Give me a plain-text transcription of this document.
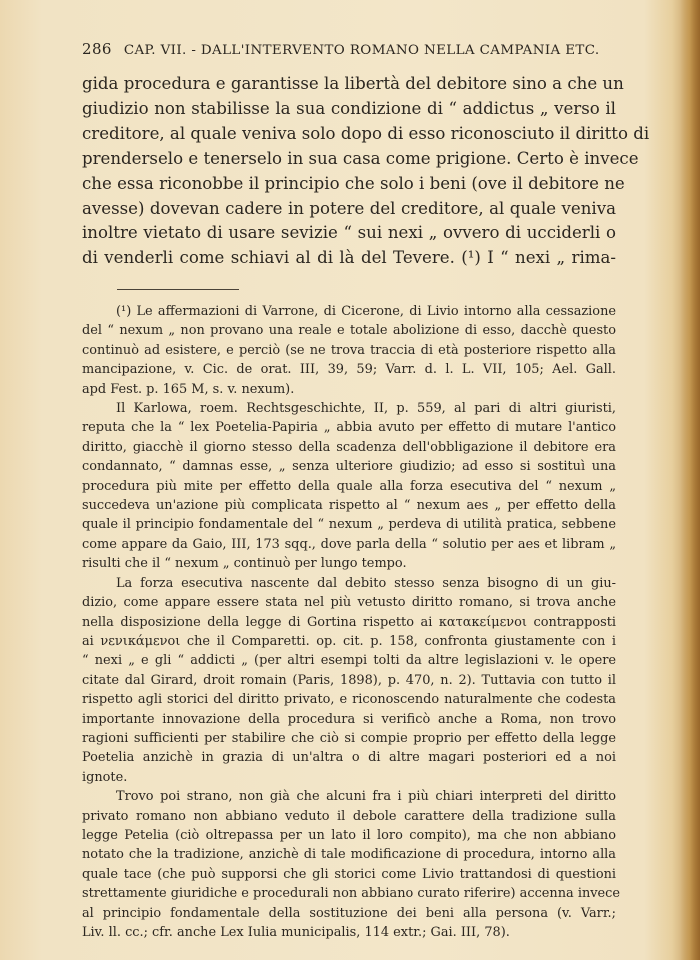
286 CAP. VII. - DALL'INTERVENTO ROMANO NELLA CAMPANIA ETC.
gida procedura e garantisse la libertà del debitore sino a che un
giudizio non stabilisse la sua condizione di “ addictus „ verso il
creditore, al quale veniva solo dopo di esso riconosciuto il diritto di
prenderselo e tenerselo in sua casa come prigione. Certo è invece
che essa riconobbe il principio che solo i beni (ove il debitore ne
avesse) dovevan cadere in potere del creditore, al quale veniva
inoltre vietato di usare sevizie “ sui nexi „ ovvero di ucciderli o
di venderli come schiavi al di là del Tevere. (¹) I “ nexi „ rima-
(¹) Le affermazioni di Varrone, di Cicerone, di Livio intorno alla cessazione
del “ nexum „ non provano una reale e totale abolizione di esso, dacchè questo
continuò ad esistere, e perciò (se ne trova traccia di età posteriore rispetto alla
mancipazione, v. Cic. de orat. III, 39, 59; Varr. d. l. L. VII, 105; Ael. Gall.
apd Fest. p. 165 M, s. v. nexum).
Il Karlowa, roem. Rechtsgeschichte, II, p. 559, al pari di altri giuristi,
reputa che la “ lex Poetelia-Papiria „ abbia avuto per effetto di mutare l'antico
diritto, giacchè il giorno stesso della scadenza dell'obbligazione il debitore era
condannato, “ damnas esse, „ senza ulteriore giudizio; ad esso si sostituì una
procedura più mite per effetto della quale alla forza esecutiva del “ nexum „
succedeva un'azione più complicata rispetto al “ nexum aes „ per effetto della
quale il principio fondamentale del “ nexum „ perdeva di utilità pratica, sebbene
come appare da Gaio, III, 173 sqq., dove parla della “ solutio per aes et libram „
risulti che il “ nexum „ continuò per lungo tempo.
La forza esecutiva nascente dal debito stesso senza bisogno di un giu-
dizio, come appare essere stata nel più vetusto diritto romano, si trova anche
nella disposizione della legge di Gortina rispetto ai κατακείμενοι contrapposti
ai νενικάμενοι che il Comparetti. op. cit. p. 158, confronta giustamente con i
“ nexi „ e gli “ addicti „ (per altri esempi tolti da altre legislazioni v. le opere
citate dal Girard, droit romain (Paris, 1898), p. 470, n. 2). Tuttavia con tutto il
rispetto agli storici del diritto privato, e riconoscendo naturalmente che codesta
importante innovazione della procedura si verificò anche a Roma, non trovo
ragioni sufficienti per stabilire che ciò si compie proprio per effetto della legge
Poetelia anzichè in grazia di un'altra o di altre magari posteriori ed a noi
ignote.
Trovo poi strano, non già che alcuni fra i più chiari interpreti del diritto
privato romano non abbiano veduto il debole carattere della tradizione sulla
legge Petelia (ciò oltrepassa per un lato il loro compito), ma che non abbiano
notato che la tradizione, anzichè di tale modificazione di procedura, intorno alla
quale tace (che può supporsi che gli storici come Livio trattandosi di questioni
strettamente giuridiche e procedurali non abbiano curato riferire) accenna invece
al principio fondamentale della sostituzione dei beni alla persona (v. Varr.;
Liv. ll. cc.; cfr. anche Lex Iulia municipalis, 114 extr.; Gai. III, 78).
